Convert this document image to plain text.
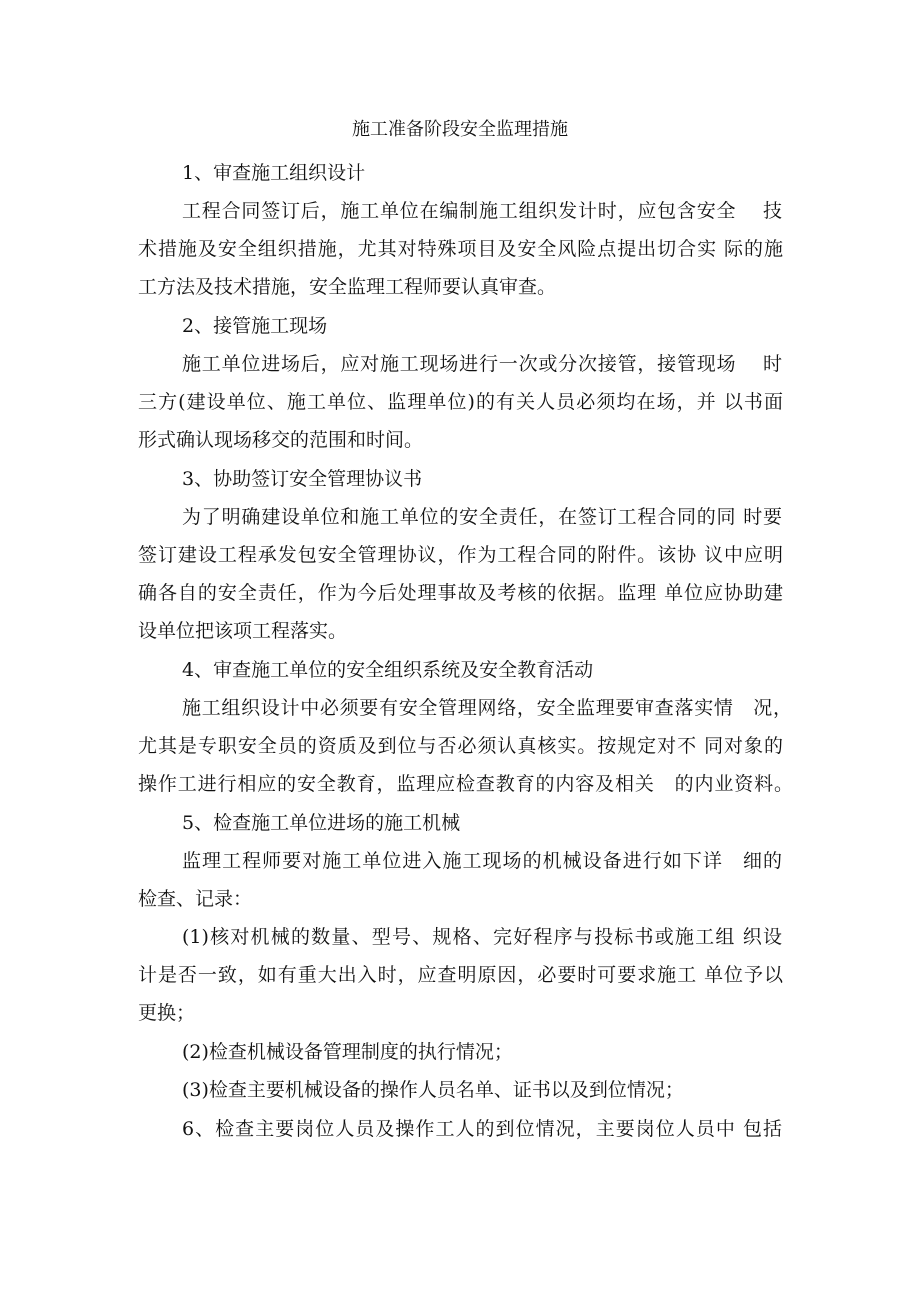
施工准备阶段安全监理措施
1、审查施工组织设计
工程合同签订后，施工单位在编制施工组织发计时，应包含安全　 技
术措施及安全组织措施，尤其对特殊项目及安全风险点提出切合实 际的施
工方法及技术措施，安全监理工程师要认真审查。
2、接管施工现场
施工单位进场后，应对施工现场进行一次或分次接管，接管现场　 时
三方(建设单位、施工单位、监理单位)的有关人员必须均在场，并 以书面
形式确认现场移交的范围和时间。
3、协助签订安全管理协议书
为了明确建设单位和施工单位的安全责任，在签订工程合同的同 时要
签订建设工程承发包安全管理协议，作为工程合同的附件。该协 议中应明
确各自的安全责任，作为今后处理事故及考核的依据。监理 单位应协助建
设单位把该项工程落实。
4、审查施工单位的安全组织系统及安全教育活动
施工组织设计中必须要有安全管理网络，安全监理要审查落实情　况，
尤其是专职安全员的资质及到位与否必须认真核实。按规定对不 同对象的
操作工进行相应的安全教育，监理应检查教育的内容及相关　的内业资料。
5、检查施工单位进场的施工机械
监理工程师要对施工单位进入施工现场的机械设备进行如下详　细的
检查、记录：
(1)核对机械的数量、型号、规格、完好程序与投标书或施工组 织设
计是否一致，如有重大出入时，应查明原因，必要时可要求施工 单位予以
更换；
(2)检查机械设备管理制度的执行情况；
(3)检查主要机械设备的操作人员名单、证书以及到位情况；
6、检查主要岗位人员及操作工人的到位情况，主要岗位人员中 包括
